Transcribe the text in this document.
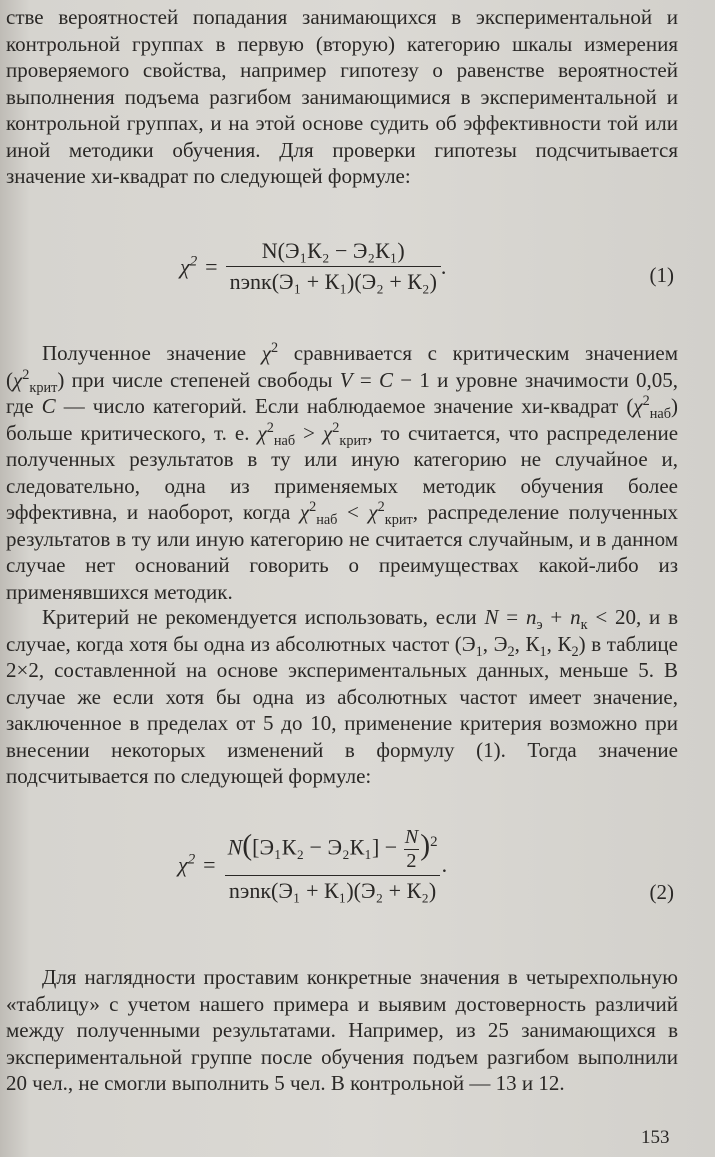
стве вероятностей попадания занимающихся в экспериментальной и контрольной группах в первую (вторую) категорию шкалы измерения проверяемого свойства, например гипотезу о равенстве вероятностей выполнения подъема разгибом занимающимися в экспериментальной и контрольной группах, и на этой основе судить об эффективности той или иной методики обучения. Для проверки гипотезы подсчитывается значение хи-квадрат по следующей формуле:

$\chi^2 = \frac{\text{N(Э₁К₂ − Э₂К₁)}}{\text{nэnк(Э₁ + К₁)(Э₂ + К₂)}}$ .	(1)

Полученное значение $\chi^2$ сравнивается с критическим значением $(\chi^2_{крит})$ при числе степеней свободы V = C − 1 и уровне значимости 0,05, где C — число категорий. Если наблюдаемое значение хи-квадрат $(\chi^2_{наб})$ больше критического, т. е. $\chi^2_{наб} > \chi^2_{крит}$, то считается, что распределение полученных результатов в ту или иную категорию не случайное и, следовательно, одна из применяемых методик обучения более эффективна, и наоборот, когда $\chi^2_{наб} < \chi^2_{крит}$, распределение полученных результатов в ту или иную категорию не считается случайным, и в данном случае нет оснований говорить о преимуществах какой-либо из применявшихся методик.

Критерий не рекомендуется использовать, если $N = n_э + n_к < 20$, и в случае, когда хотя бы одна из абсолютных частот ($Э_1$, $Э_2$, $К_1$, $К_2$) в таблице 2×2, составленной на основе экспериментальных данных, меньше 5. В случае же если хотя бы одна из абсолютных частот имеет значение, заключенное в пределах от 5 до 10, применение критерия возможно при внесении некоторых изменений в формулу (1). Тогда значение подсчитывается по следующей формуле:

$\chi^2$ =
$N([Э_1К_2 - Э_2К_1] - \frac{N}{2} )^2$
nэnк(Э₁ + К₁)(Э₂ + К₂)
.
(2)

Для наглядности проставим конкретные значения в четырехпольную «таблицу» с учетом нашего примера и выявим достоверность различий между полученными результатами. Например, из 25 занимающихся в экспериментальной группе после обучения подъем разгибом выполнили 20 чел., не смогли выполнить 5 чел. В контрольной — 13 и 12.

153
